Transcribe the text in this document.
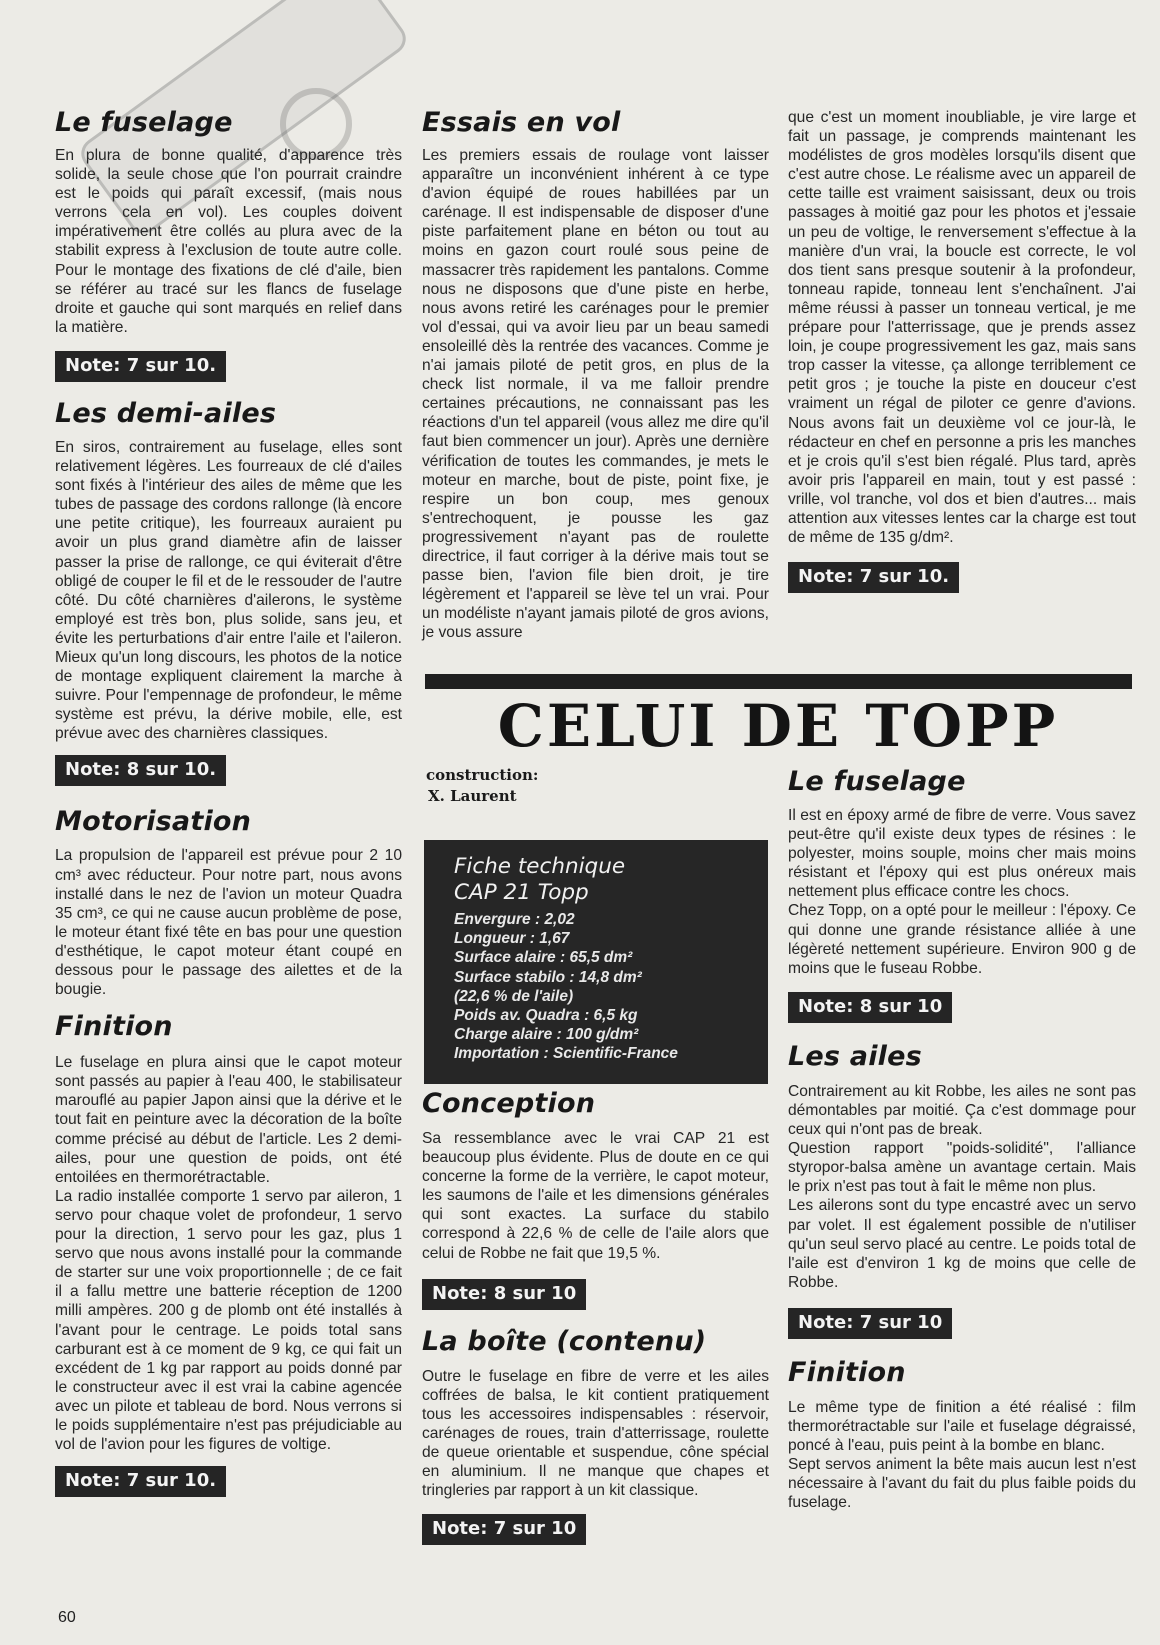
Le fuselage

En plura de bonne qualité, d'apparence très solide, la seule chose que l'on pourrait craindre est le poids qui paraît excessif, (mais nous verrons cela en vol). Les couples doivent impérativement être collés au plura avec de la stabilit express à l'exclusion de toute autre colle. Pour le montage des fixations de clé d'aile, bien se référer au tracé sur les flancs de fuselage droite et gauche qui sont marqués en relief dans la matière.

Note: 7 sur 10.
Les demi-ailes

En siros, contrairement au fuselage, elles sont relativement légères. Les fourreaux de clé d'ailes sont fixés à l'intérieur des ailes de même que les tubes de passage des cordons rallonge (là encore une petite critique), les fourreaux auraient pu avoir un plus grand diamètre afin de laisser passer la prise de rallonge, ce qui éviterait d'être obligé de couper le fil et de le ressouder de l'autre côté. Du côté charnières d'ailerons, le système employé est très bon, plus solide, sans jeu, et évite les perturbations d'air entre l'aile et l'aileron. Mieux qu'un long discours, les photos de la notice de montage expliquent clairement la marche à suivre. Pour l'empennage de profondeur, le même système est prévu, la dérive mobile, elle, est prévue avec des charnières classiques.

Note: 8 sur 10.
Motorisation

La propulsion de l'appareil est prévue pour 2 10 cm³ avec réducteur. Pour notre part, nous avons installé dans le nez de l'avion un moteur Quadra 35 cm³, ce qui ne cause aucun problème de pose, le moteur étant fixé tête en bas pour une question d'esthétique, le capot moteur étant coupé en dessous pour le passage des ailettes et de la bougie.

Finition

Le fuselage en plura ainsi que le capot moteur sont passés au papier à l'eau 400, le stabilisateur marouflé au papier Japon ainsi que la dérive et le tout fait en peinture avec la décoration de la boîte comme précisé au début de l'article. Les 2 demi-ailes, pour une question de poids, ont été entoilées en thermorétractable.
La radio installée comporte 1 servo par aileron, 1 servo pour chaque volet de profondeur, 1 servo pour la direction, 1 servo pour les gaz, plus 1 servo que nous avons installé pour la commande de starter sur une voix proportionnelle ; de ce fait il a fallu mettre une batterie réception de 1200 milli ampères. 200 g de plomb ont été installés à l'avant pour le centrage. Le poids total sans carburant est à ce moment de 9 kg, ce qui fait un excédent de 1 kg par rapport au poids donné par le constructeur avec il est vrai la cabine agencée avec un pilote et tableau de bord. Nous verrons si le poids supplémentaire n'est pas préjudiciable au vol de l'avion pour les figures de voltige.

Note: 7 sur 10.
Essais en vol

Les premiers essais de roulage vont laisser apparaître un inconvénient inhérent à ce type d'avion équipé de roues habillées par un carénage. Il est indispensable de disposer d'une piste parfaitement plane en béton ou tout au moins en gazon court roulé sous peine de massacrer très rapidement les pantalons. Comme nous ne disposons que d'une piste en herbe, nous avons retiré les carénages pour le premier vol d'essai, qui va avoir lieu par un beau samedi ensoleillé dès la rentrée des vacances. Comme je n'ai jamais piloté de petit gros, en plus de la check list normale, il va me falloir prendre certaines précautions, ne connaissant pas les réactions d'un tel appareil (vous allez me dire qu'il faut bien commencer un jour). Après une dernière vérification de toutes les commandes, je mets le moteur en marche, bout de piste, point fixe, je respire un bon coup, mes genoux s'entrechoquent, je pousse les gaz progressivement n'ayant pas de roulette directrice, il faut corriger à la dérive mais tout se passe bien, l'avion file bien droit, je tire légèrement et l'appareil se lève tel un vrai. Pour un modéliste n'ayant jamais piloté de gros avions, je vous assure

que c'est un moment inoubliable, je vire large et fait un passage, je comprends maintenant les modélistes de gros modèles lorsqu'ils disent que c'est autre chose. Le réalisme avec un appareil de cette taille est vraiment saisissant, deux ou trois passages à moitié gaz pour les photos et j'essaie un peu de voltige, le renversement s'effectue à la manière d'un vrai, la boucle est correcte, le vol dos tient sans presque soutenir à la profondeur, tonneau rapide, tonneau lent s'enchaînent. J'ai même réussi à passer un tonneau vertical, je me prépare pour l'atterrissage, que je prends assez loin, je coupe progressivement les gaz, mais sans trop casser la vitesse, ça allonge terriblement ce petit gros ; je touche la piste en douceur c'est vraiment un régal de piloter ce genre d'avions. Nous avons fait un deuxième vol ce jour-là, le rédacteur en chef en personne a pris les manches et je crois qu'il s'est bien régalé. Plus tard, après avoir pris l'appareil en main, tout y est passé : vrille, vol tranche, vol dos et bien d'autres... mais attention aux vitesses lentes car la charge est tout de même de 135 g/dm².

Note: 7 sur 10.
CELUI DE TOPP
construction:
X. Laurent

Fiche technique

CAP 21 Topp

Envergure : 2,02

Longueur : 1,67

Surface alaire : 65,5 dm²

Surface stabilo : 14,8 dm²

(22,6 % de l'aile)

Poids av. Quadra : 6,5 kg

Charge alaire : 100 g/dm²

Importation : Scientific-France

Conception

Sa ressemblance avec le vrai CAP 21 est beaucoup plus évidente. Plus de doute en ce qui concerne la forme de la verrière, le capot moteur, les saumons de l'aile et les dimensions générales qui sont exactes. La surface du stabilo correspond à 22,6 % de celle de l'aile alors que celui de Robbe ne fait que 19,5 %.

Note: 8 sur 10
La boîte (contenu)

Outre le fuselage en fibre de verre et les ailes coffrées de balsa, le kit contient pratiquement tous les accessoires indispensables : réservoir, carénages de roues, train d'atterrissage, roulette de queue orientable et suspendue, cône spécial en aluminium. Il ne manque que chapes et tringleries par rapport à un kit classique.

Note: 7 sur 10
Le fuselage

Il est en époxy armé de fibre de verre. Vous savez peut-être qu'il existe deux types de résines : le polyester, moins souple, moins cher mais moins résistant et l'époxy qui est plus onéreux mais nettement plus efficace contre les chocs.
Chez Topp, on a opté pour le meilleur : l'époxy. Ce qui donne une grande résistance alliée à une légèreté nettement supérieure. Environ 900 g de moins que le fuseau Robbe.

Note: 8 sur 10
Les ailes

Contrairement au kit Robbe, les ailes ne sont pas démontables par moitié. Ça c'est dommage pour ceux qui n'ont pas de break.
Question rapport "poids-solidité", l'alliance styropor-balsa amène un avantage certain. Mais le prix n'est pas tout à fait le même non plus.
Les ailerons sont du type encastré avec un servo par volet. Il est également possible de n'utiliser qu'un seul servo placé au centre. Le poids total de l'aile est d'environ 1 kg de moins que celle de Robbe.

Note: 7 sur 10
Finition

Le même type de finition a été réalisé : film thermorétractable sur l'aile et fuselage dégraissé, poncé à l'eau, puis peint à la bombe en blanc.
Sept servos animent la bête mais aucun lest n'est nécessaire à l'avant du fait du plus faible poids du fuselage.

60
